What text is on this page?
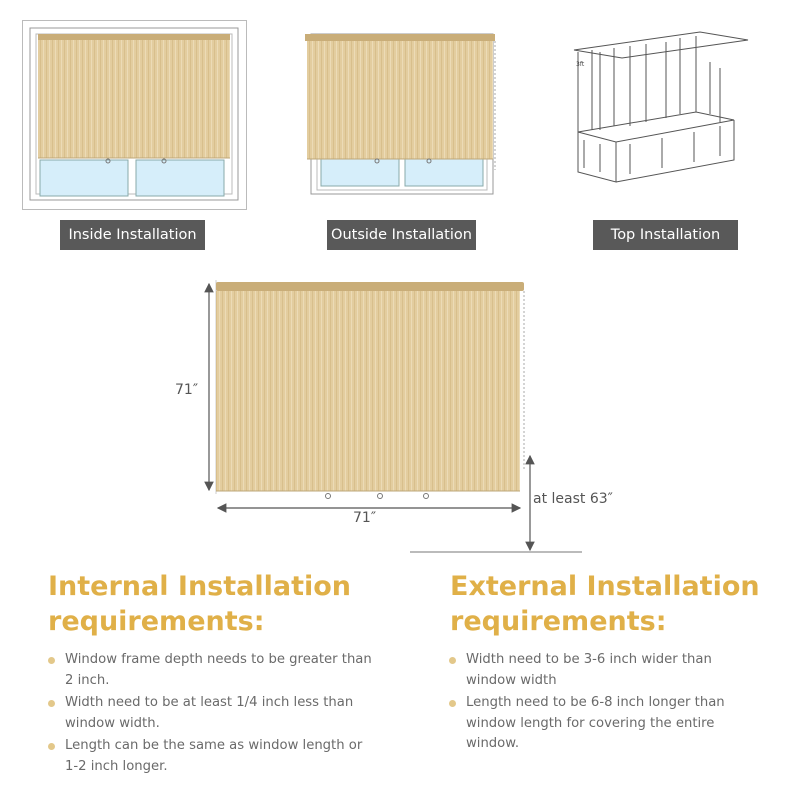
3ft
Inside Installation	Outside Installation	Top Installation
71″
71″
at least 63″
Internal Installation
requirements:
Window frame depth needs to be greater than 2 inch.
Width need to be at least 1/4 inch less than window width.
Length can be the same as window length or 1-2 inch longer.
External Installation
requirements:
Width need to be 3-6 inch wider than window width
Length need to be 6-8 inch longer than window length for covering the entire window.
